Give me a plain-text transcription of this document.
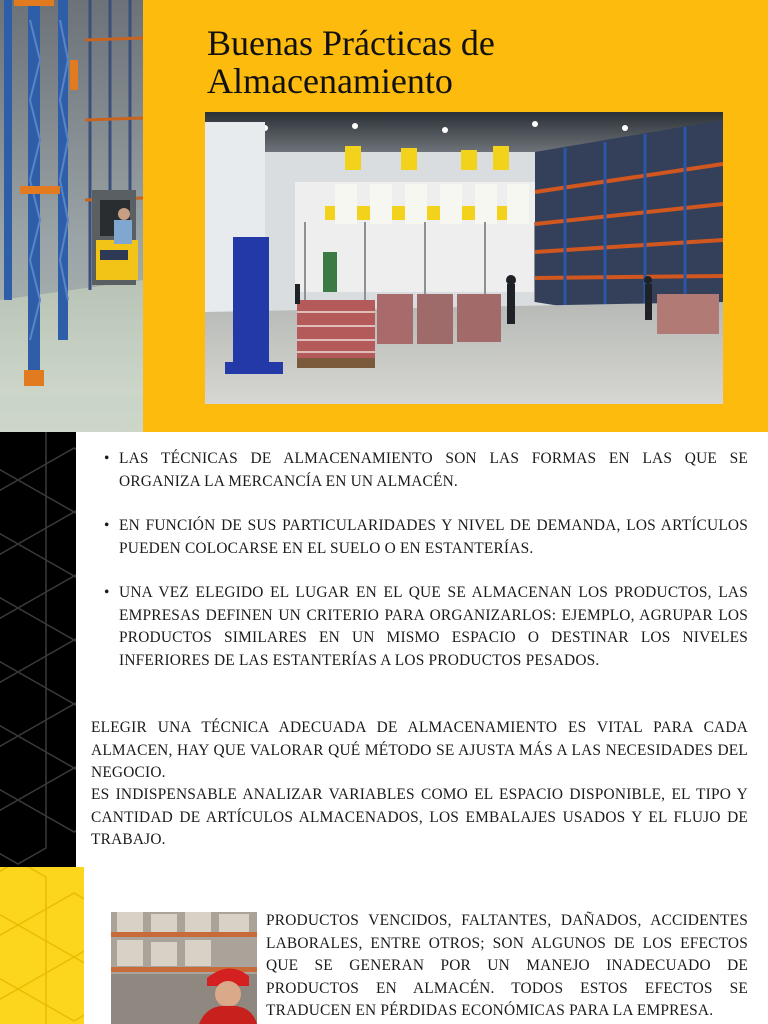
Buenas Prácticas de Almacenamiento
• LAS TÉCNICAS DE ALMACENAMIENTO SON LAS FORMAS EN LAS QUE SE ORGANIZA LA MERCANCÍA EN UN ALMACÉN.
• EN FUNCIÓN DE SUS PARTICULARIDADES Y NIVEL DE DEMANDA, LOS ARTÍCULOS PUEDEN COLOCARSE EN EL SUELO O EN ESTANTERÍAS.
• UNA VEZ ELEGIDO EL LUGAR EN EL QUE SE ALMACENAN LOS PRODUCTOS, LAS EMPRESAS DEFINEN UN CRITERIO PARA ORGANIZARLOS: EJEMPLO, AGRUPAR LOS PRODUCTOS SIMILARES EN UN MISMO ESPACIO O DESTINAR LOS NIVELES INFERIORES DE LAS ESTANTERÍAS A LOS PRODUCTOS PESADOS.

ELEGIR UNA TÉCNICA ADECUADA DE ALMACENAMIENTO ES VITAL PARA CADA ALMACEN, HAY QUE VALORAR QUÉ MÉTODO SE AJUSTA MÁS A LAS NECESIDADES DEL NEGOCIO.

ES INDISPENSABLE ANALIZAR VARIABLES COMO EL ESPACIO DISPONIBLE, EL TIPO Y CANTIDAD DE ARTÍCULOS ALMACENADOS, LOS EMBALAJES USADOS Y EL FLUJO DE TRABAJO.

PRODUCTOS VENCIDOS, FALTANTES, DAÑADOS, ACCIDENTES LABORALES, ENTRE OTROS; SON ALGUNOS DE LOS EFECTOS QUE SE GENERAN POR UN MANEJO INADECUADO DE PRODUCTOS EN ALMACÉN. TODOS ESTOS EFECTOS SE TRADUCEN EN PÉRDIDAS ECONÓMICAS PARA LA EMPRESA.
